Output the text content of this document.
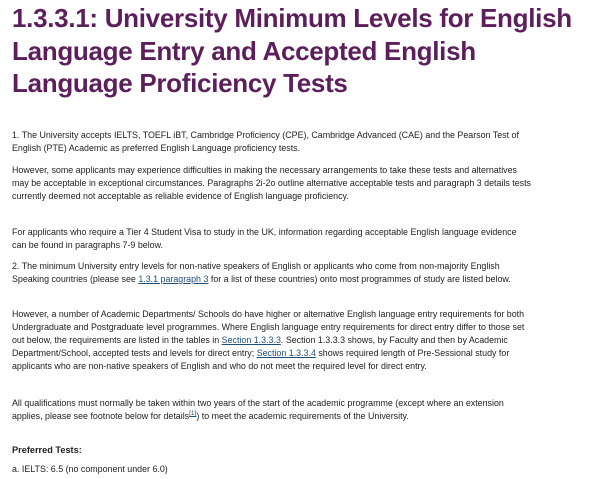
1.3.3.1: University Minimum Levels for English Language Entry and Accepted English Language Proficiency Tests

1. The University accepts IELTS, TOEFL iBT, Cambridge Proficiency (CPE), Cambridge Advanced (CAE) and the Pearson Test of English (PTE) Academic as preferred English Language proficiency tests.

However, some applicants may experience difficulties in making the necessary arrangements to take these tests and alternatives may be acceptable in exceptional circumstances. Paragraphs 2i-2o outline alternative acceptable tests and paragraph 3 details tests currently deemed not acceptable as reliable evidence of English language proficiency.

For applicants who require a Tier 4 Student Visa to study in the UK, information regarding acceptable English language evidence can be found in paragraphs 7-9 below.

2. The minimum University entry levels for non-native speakers of English or applicants who come from non-majority English Speaking countries (please see 1.3.1 paragraph 3 for a list of these countries) onto most programmes of study are listed below.

However, a number of Academic Departments/ Schools do have higher or alternative English language entry requirements for both Undergraduate and Postgraduate level programmes. Where English language entry requirements for direct entry differ to those set out below, the requirements are listed in the tables in Section 1.3.3.3. Section 1.3.3.3 shows, by Faculty and then by Academic Department/School, accepted tests and levels for direct entry; Section 1.3.3.4 shows required length of Pre-Sessional study for applicants who are non-native speakers of English and who do not meet the required level for direct entry.

All qualifications must normally be taken within two years of the start of the academic programme (except where an extension applies, please see footnote below for details[1]) to meet the academic requirements of the University.

Preferred Tests:

a. IELTS: 6.5 (no component under 6.0)
